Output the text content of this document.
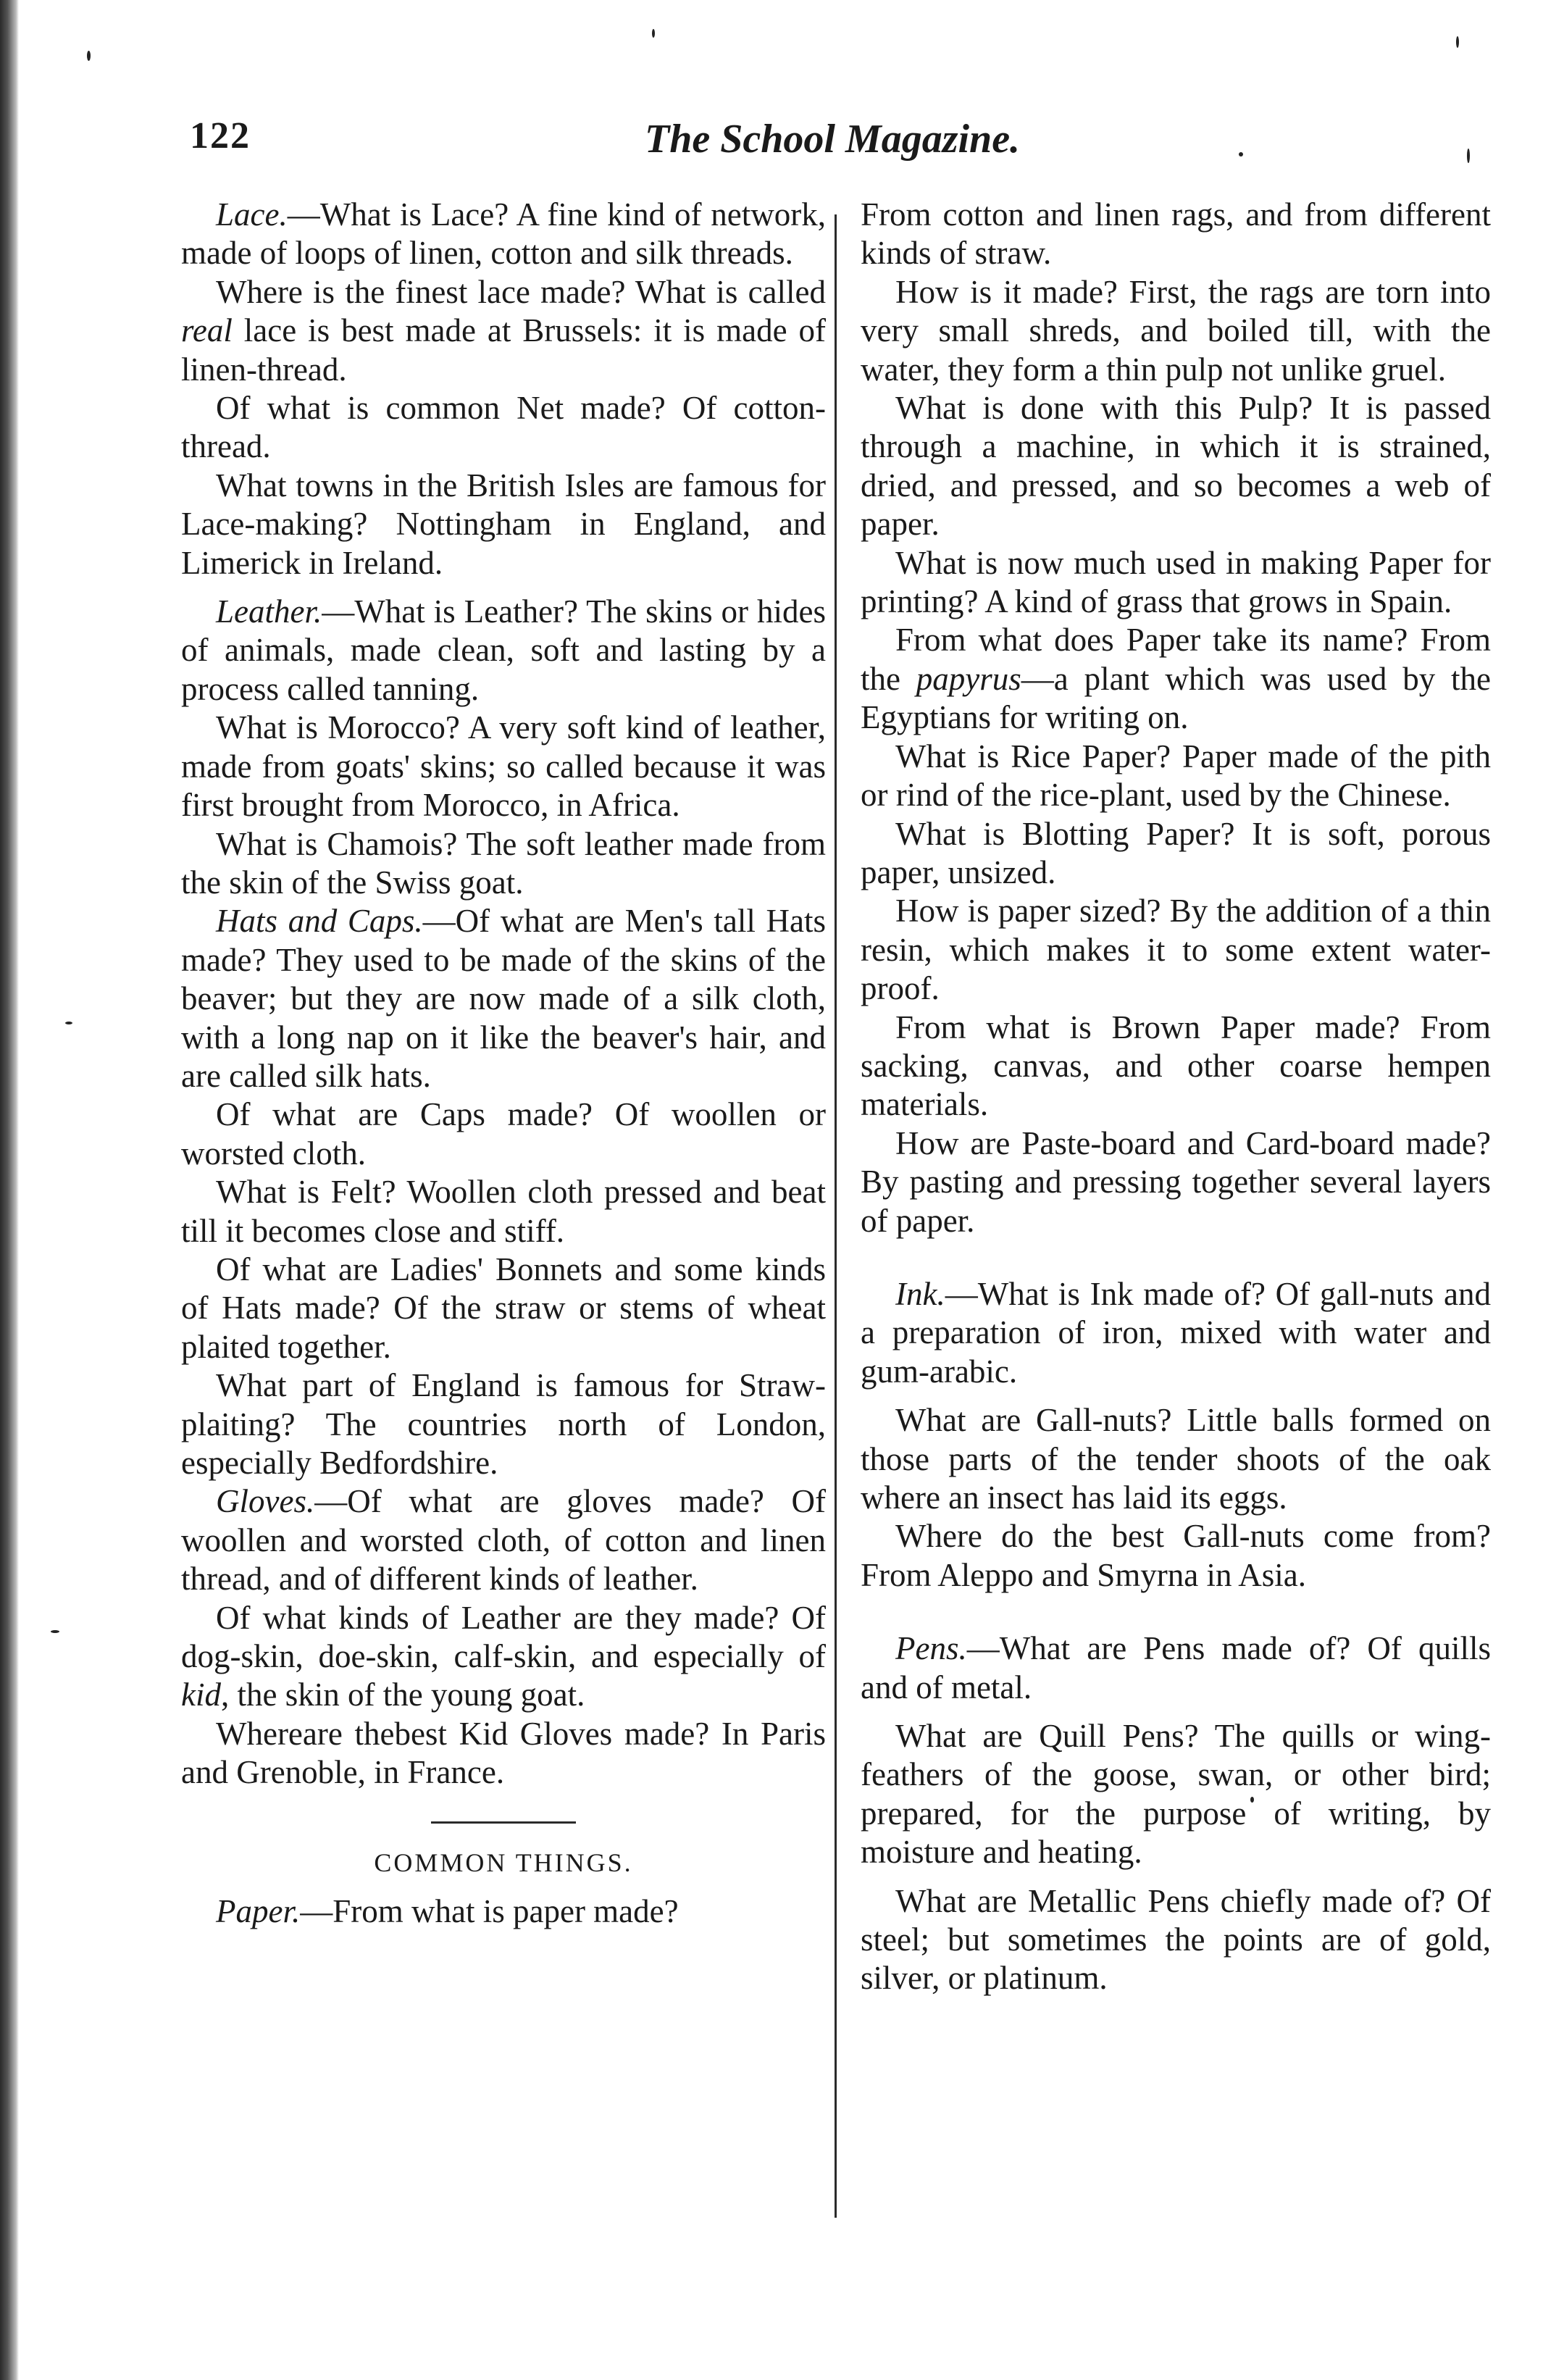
122	The School Magazine.

Lace.—What is Lace? A fine kind of network, made of loops of linen, cotton and silk threads.

Where is the finest lace made? What is called real lace is best made at Brussels: it is made of linen-thread.

Of what is common Net made? Of cotton-thread.

What towns in the British Isles are famous for Lace-making? Nottingham in England, and Limerick in Ireland.

Leather.—What is Leather? The skins or hides of animals, made clean, soft and lasting by a process called tanning.

What is Morocco? A very soft kind of leather, made from goats' skins; so called because it was first brought from Morocco, in Africa.

What is Chamois? The soft leather made from the skin of the Swiss goat.

Hats and Caps.—Of what are Men's tall Hats made? They used to be made of the skins of the beaver; but they are now made of a silk cloth, with a long nap on it like the beaver's hair, and are called silk hats.

Of what are Caps made? Of woollen or worsted cloth.

What is Felt? Woollen cloth pressed and beat till it becomes close and stiff.

Of what are Ladies' Bonnets and some kinds of Hats made? Of the straw or stems of wheat plaited together.

What part of England is famous for Straw-plaiting? The countries north of London, especially Bedfordshire.

Gloves.—Of what are gloves made? Of woollen and worsted cloth, of cotton and linen thread, and of different kinds of leather.

Of what kinds of Leather are they made? Of dog-skin, doe-skin, calf-skin, and especially of kid, the skin of the young goat.

Whereare thebest Kid Gloves made? In Paris and Grenoble, in France.

COMMON THINGS.

Paper.—From what is paper made?

From cotton and linen rags, and from different kinds of straw.

How is it made? First, the rags are torn into very small shreds, and boiled till, with the water, they form a thin pulp not unlike gruel.

What is done with this Pulp? It is passed through a machine, in which it is strained, dried, and pressed, and so becomes a web of paper.

What is now much used in making Paper for printing? A kind of grass that grows in Spain.

From what does Paper take its name? From the papyrus—a plant which was used by the Egyptians for writing on.

What is Rice Paper? Paper made of the pith or rind of the rice-plant, used by the Chinese.

What is Blotting Paper? It is soft, porous paper, unsized.

How is paper sized? By the addition of a thin resin, which makes it to some extent water-proof.

From what is Brown Paper made? From sacking, canvas, and other coarse hempen materials.

How are Paste-board and Card-board made? By pasting and pressing together several layers of paper.

Ink.—What is Ink made of? Of gall-nuts and a preparation of iron, mixed with water and gum-arabic.

What are Gall-nuts? Little balls formed on those parts of the tender shoots of the oak where an insect has laid its eggs.

Where do the best Gall-nuts come from? From Aleppo and Smyrna in Asia.

Pens.—What are Pens made of? Of quills and of metal.

What are Quill Pens? The quills or wing-feathers of the goose, swan, or other bird; prepared, for the purpose of writing, by moisture and heating.

What are Metallic Pens chiefly made of? Of steel; but sometimes the points are of gold, silver, or platinum.
